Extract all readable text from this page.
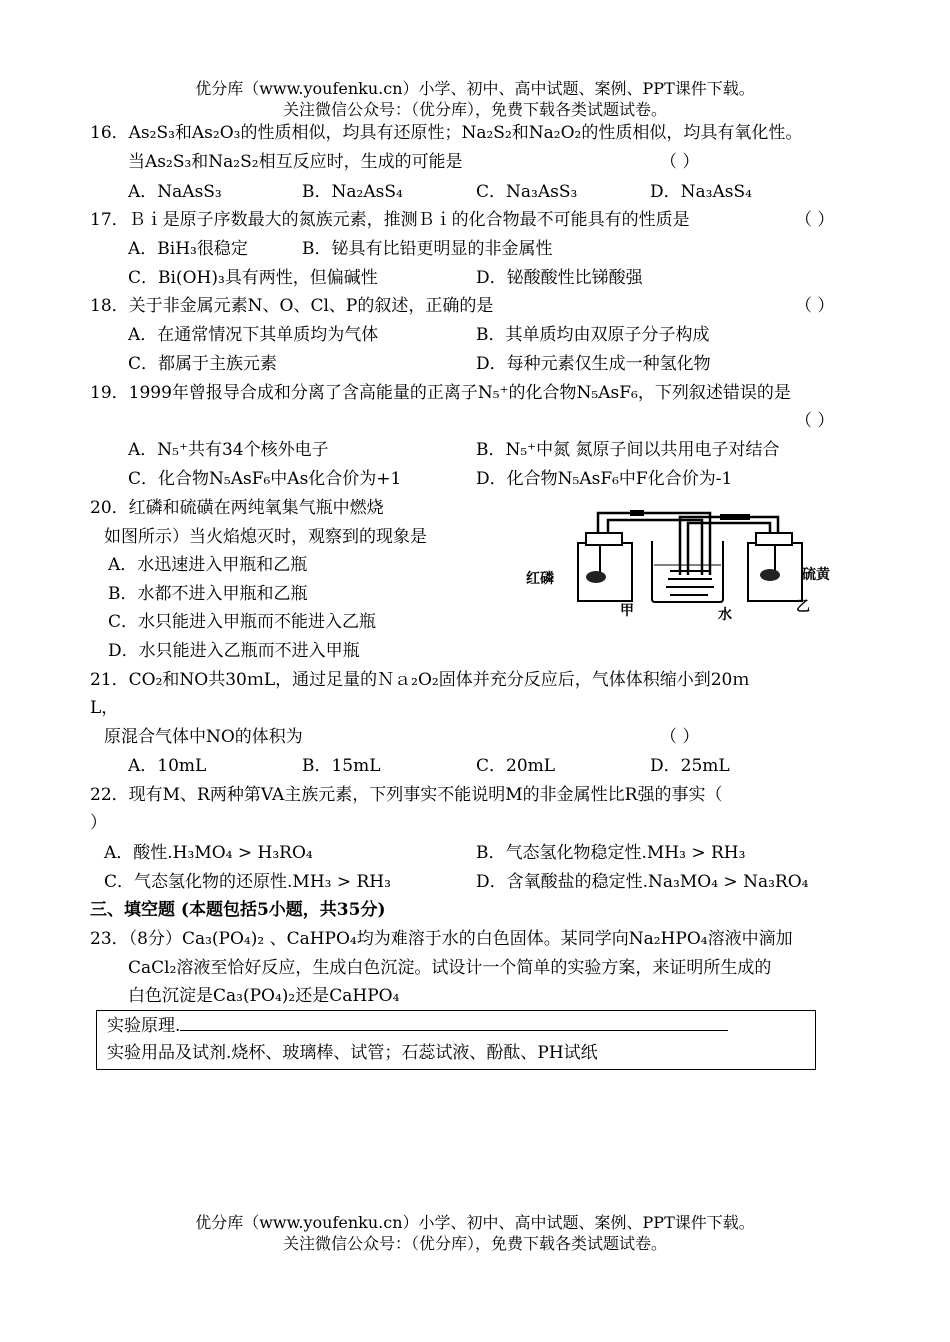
优分库（www.youfenku.cn）小学、初中、高中试题、案例、PPT课件下载。
关注微信公众号：（优分库），免费下载各类试题试卷。
16．As₂S₃和As₂O₃的性质相似，均具有还原性；Na₂S₂和Na₂O₂的性质相似，均具有氧化性。
当As₂S₃和Na₂S₂相互反应时，生成的可能是	（ ）
A．NaAsS₃	B．Na₂AsS₄	C．Na₃AsS₃	D．Na₃AsS₄
17．Ｂｉ是原子序数最大的氮族元素，推测Ｂｉ的化合物最不可能具有的性质是	（ ）
A．BiH₃很稳定	B．铋具有比铅更明显的非金属性
C．Bi(OH)₃具有两性，但偏碱性	D．铋酸酸性比锑酸强
18．关于非金属元素N、O、Cl、P的叙述，正确的是	（ ）
A．在通常情况下其单质均为气体	B．其单质均由双原子分子构成
C．都属于主族元素	D．每种元素仅生成一种氢化物
19．1999年曾报导合成和分离了含高能量的正离子N₅⁺的化合物N₅AsF₆，下列叙述错误的是
（ ）
A．N₅⁺共有34个核外电子	B．N₅⁺中氮 氮原子间以共用电子对结合
C．化合物N₅AsF₆中As化合价为+1	D．化合物N₅AsF₆中F化合价为-1
20．红磷和硫磺在两纯氧集气瓶中燃烧
如图所示）当火焰熄灭时，观察到的现象是
A．水迅速进入甲瓶和乙瓶
B．水都不进入甲瓶和乙瓶
C．水只能进入甲瓶而不能进入乙瓶
D．水只能进入乙瓶而不进入甲瓶
红磷
甲	水
硫黄
乙
21．CO₂和NO共30ｍL，通过足量的Ｎａ₂O₂固体并充分反应后，气体体积缩小到20ｍ
L，
原混合气体中NO的体积为	（ ）
A．10mL	B．15mL	C．20mL	D．25mL
22．现有M、R两种第VA主族元素，下列事实不能说明M的非金属性比R强的事实（
）
A．酸性.H₃MO₄ > H₃RO₄	B．气态氢化物稳定性.MH₃ > RH₃
C．气态氢化物的还原性.MH₃ > RH₃	D．含氧酸盐的稳定性.Na₃MO₄ > Na₃RO₄
三、填空题 (本题包括5小题，共35分)
23．（8分）Ca₃(PO₄)₂ 、CaHPO₄均为难溶于水的白色固体。某同学向Na₂HPO₄溶液中滴加
CaCl₂溶液至恰好反应，生成白色沉淀。试设计一个简单的实验方案，来证明所生成的
白色沉淀是Ca₃(PO₄)₂还是CaHPO₄
实验原理.
实验用品及试剂.烧杯、玻璃棒、试管；石蕊试液、酚酞、PH试纸
优分库（www.youfenku.cn）小学、初中、高中试题、案例、PPT课件下载。
关注微信公众号：（优分库），免费下载各类试题试卷。
